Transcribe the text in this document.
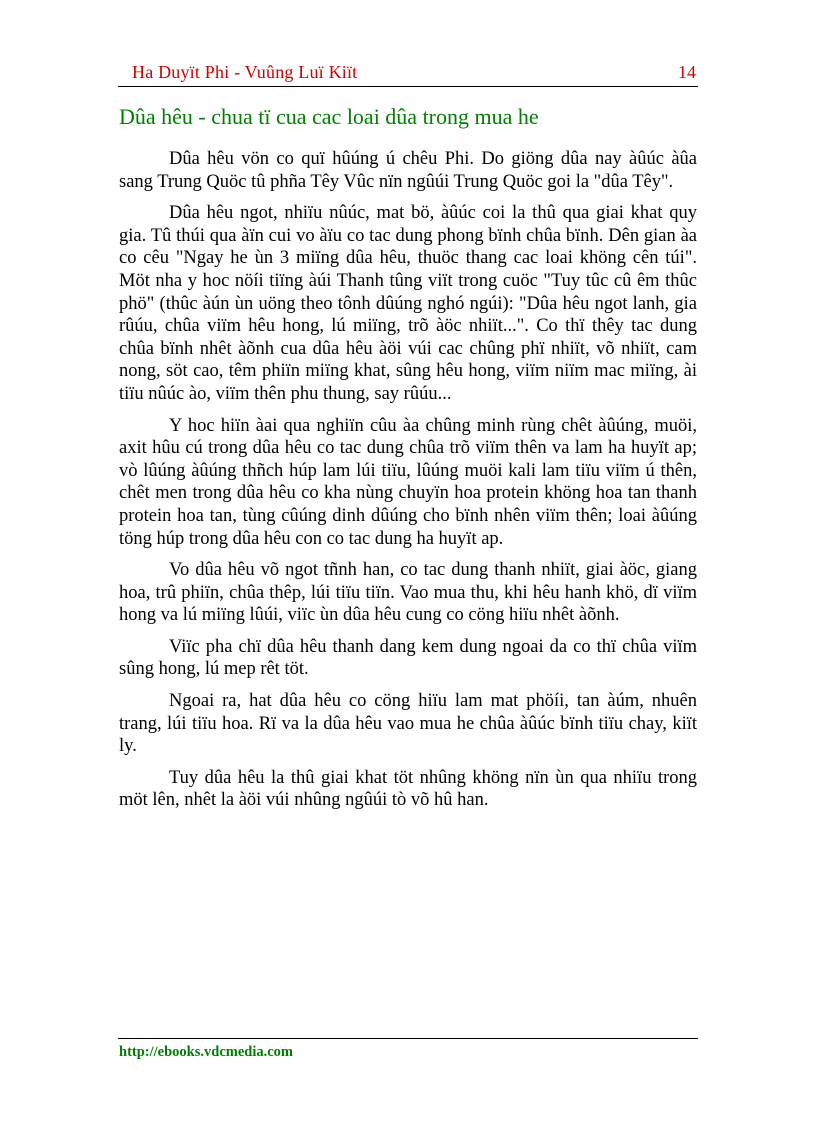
Ha Duyït Phi - Vuûng Luï Kiït	14
Dûa hêu - chua tï cua cac loai dûa trong mua he

Dûa hêu vön co quï hûúng ú chêu Phi. Do giöng dûa nay àûúc àûa sang Trung Quöc tû phña Têy Vûc nïn ngûúi Trung Quöc goi la "dûa Têy".

Dûa hêu ngot, nhiïu nûúc, mat bö, àûúc coi la thû qua giai khat quy gia. Tû thúi qua àïn cui vo àïu co tac dung phong bïnh chûa bïnh. Dên gian àa co cêu "Ngay he ùn 3 miïng dûa hêu, thuöc thang cac loai khöng cên túi". Möt nha y hoc nöíi tiïng àúi Thanh tûng viït trong cuöc "Tuy tûc cû êm thûc phö" (thûc àún ùn uöng theo tônh dûúng nghó ngúi): "Dûa hêu ngot lanh, gia rûúu, chûa viïm hêu hong, lú miïng, trõ àöc nhiït...". Co thï thêy tac dung chûa bïnh nhêt àõnh cua dûa hêu àöi vúi cac chûng phï nhiït, võ nhiït, cam nong, söt cao, têm phiïn miïng khat, sûng hêu hong, viïm niïm mac miïng, ài tiïu nûúc ào, viïm thên phu thung, say rûúu...

Y hoc hiïn àai qua nghiïn cûu àa chûng minh rùng chêt àûúng, muöi, axit hûu cú trong dûa hêu co tac dung chûa trõ viïm thên va lam ha huyït ap; vò lûúng àûúng thñch húp lam lúi tiïu, lûúng muöi kali lam tiïu viïm ú thên, chêt men trong dûa hêu co kha nùng chuyïn hoa protein khöng hoa tan thanh protein hoa tan, tùng cûúng dinh dûúng cho bïnh nhên viïm thên; loai àûúng töng húp trong dûa hêu con co tac dung ha huyït ap.

Vo dûa hêu võ ngot tñnh han, co tac dung thanh nhiït, giai àöc, giang hoa, trû phiïn, chûa thêp, lúi tiïu tiïn. Vao mua thu, khi hêu hanh khö, dï viïm hong va lú miïng lûúi, viïc ùn dûa hêu cung co cöng hiïu nhêt àõnh.

Viïc pha chï dûa hêu thanh dang kem dung ngoai da co thï chûa viïm sûng hong, lú mep rêt töt.

Ngoai ra, hat dûa hêu co cöng hiïu lam mat phöíi, tan àúm, nhuên trang, lúi tiïu hoa. Rï va la dûa hêu vao mua he chûa àûúc bïnh tiïu chay, kiït ly.

Tuy dûa hêu la thû giai khat töt nhûng khöng nïn ùn qua nhiïu trong möt lên, nhêt la àöi vúi nhûng ngûúi tò võ hû han.

http://ebooks.vdcmedia.com
